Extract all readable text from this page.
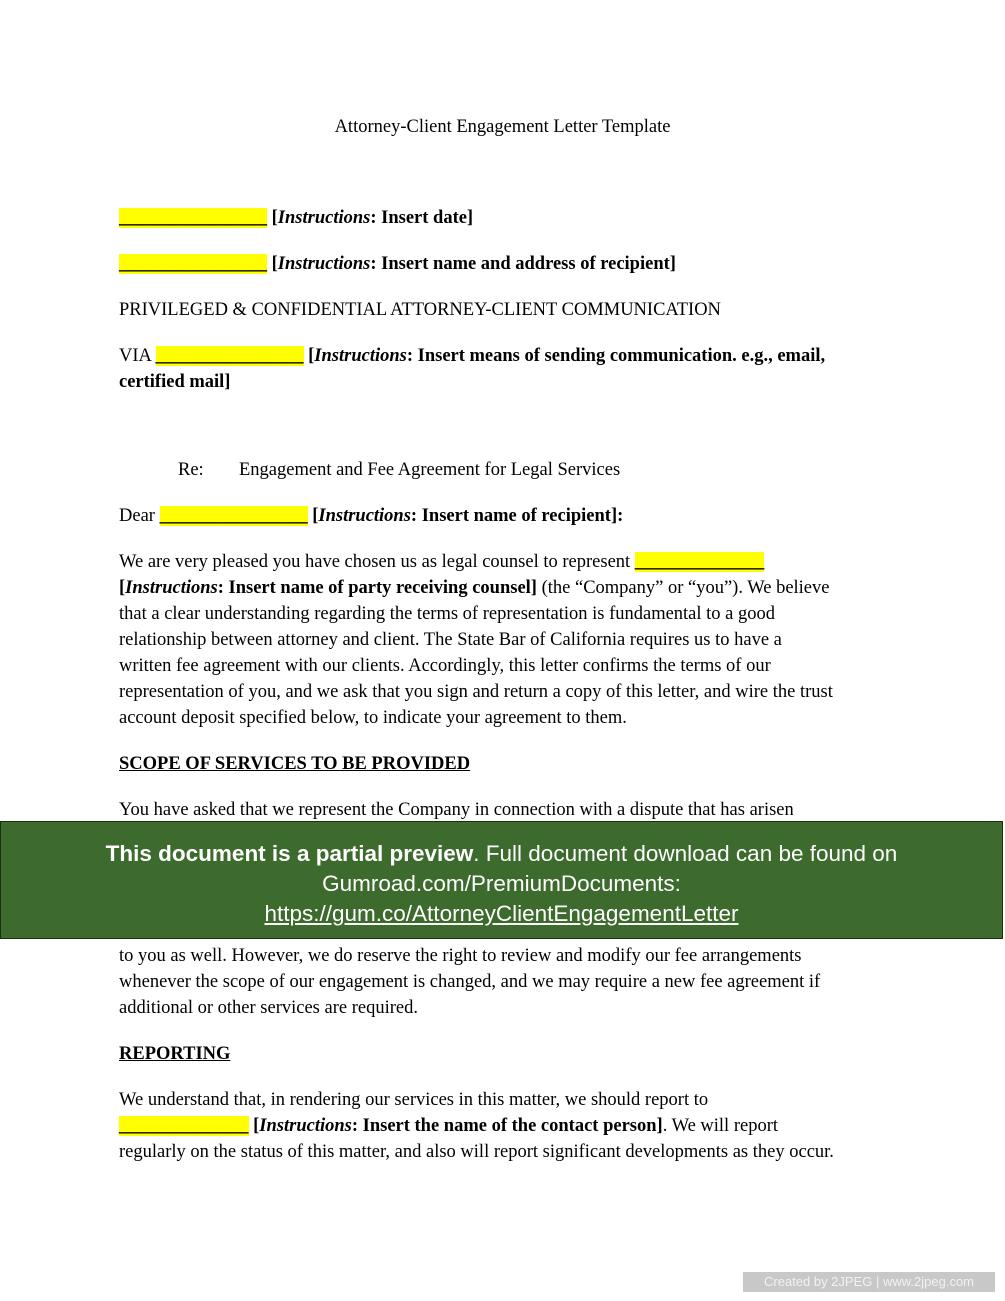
Attorney-Client Engagement Letter Template
________________ [Instructions: Insert date]
________________ [Instructions: Insert name and address of recipient]
PRIVILEGED & CONFIDENTIAL ATTORNEY-CLIENT COMMUNICATION
VIA ________________ [Instructions: Insert means of sending communication. e.g., email,
certified mail]
Re: Engagement and Fee Agreement for Legal Services
Dear ________________ [Instructions: Insert name of recipient]:
We are very pleased you have chosen us as legal counsel to represent ______________
[Instructions: Insert name of party receiving counsel] (the “Company” or “you”). We believe
that a clear understanding regarding the terms of representation is fundamental to a good
relationship between attorney and client. The State Bar of California requires us to have a
written fee agreement with our clients. Accordingly, this letter confirms the terms of our
representation of you, and we ask that you sign and return a copy of this letter, and wire the trust
account deposit specified below, to indicate your agreement to them.
SCOPE OF SERVICES TO BE PROVIDED
You have asked that we represent the Company in connection with a dispute that has arisen
This document is a partial preview. Full document download can be found on
Gumroad.com/PremiumDocuments:
https://gum.co/AttorneyClientEngagementLetter
to you as well. However, we do reserve the right to review and modify our fee arrangements
whenever the scope of our engagement is changed, and we may require a new fee agreement if
additional or other services are required.
REPORTING
We understand that, in rendering our services in this matter, we should report to
______________ [Instructions: Insert the name of the contact person]. We will report
regularly on the status of this matter, and also will report significant developments as they occur.
Created by 2JPEG | www.2jpeg.com
